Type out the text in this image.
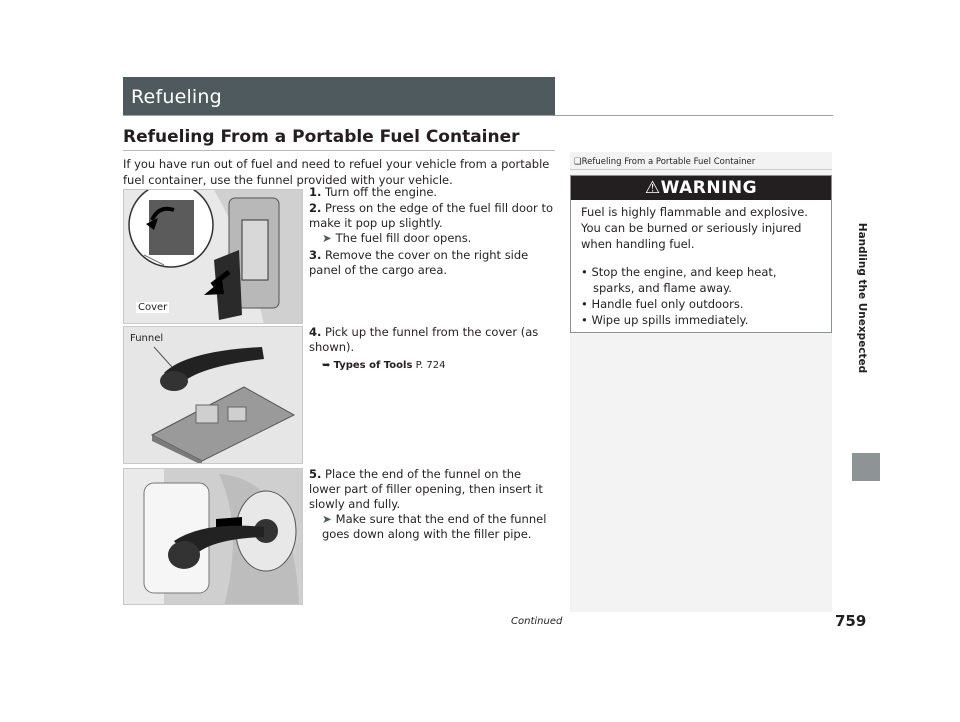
Refueling
Refueling From a Portable Fuel Container
If you have run out of fuel and need to refuel your vehicle from a portable fuel container, use the funnel provided with your vehicle.
Cover
Funnel
1. Turn off the engine.
2. Press on the edge of the fuel fill door to make it pop up slightly.
➤ The fuel fill door opens.
3. Remove the cover on the right side panel of the cargo area.
4. Pick up the funnel from the cover (as shown).
➥ Types of Tools P. 724
5. Place the end of the funnel on the lower part of filler opening, then insert it slowly and fully.
➤ Make sure that the end of the funnel goes down along with the filler pipe.
❑Refueling From a Portable Fuel Container
⚠WARNING
Fuel is highly flammable and explosive. You can be burned or seriously injured when handling fuel.
• Stop the engine, and keep heat, sparks, and flame away.
• Handle fuel only outdoors.
• Wipe up spills immediately.	Handling the Unexpected
Continued	759
